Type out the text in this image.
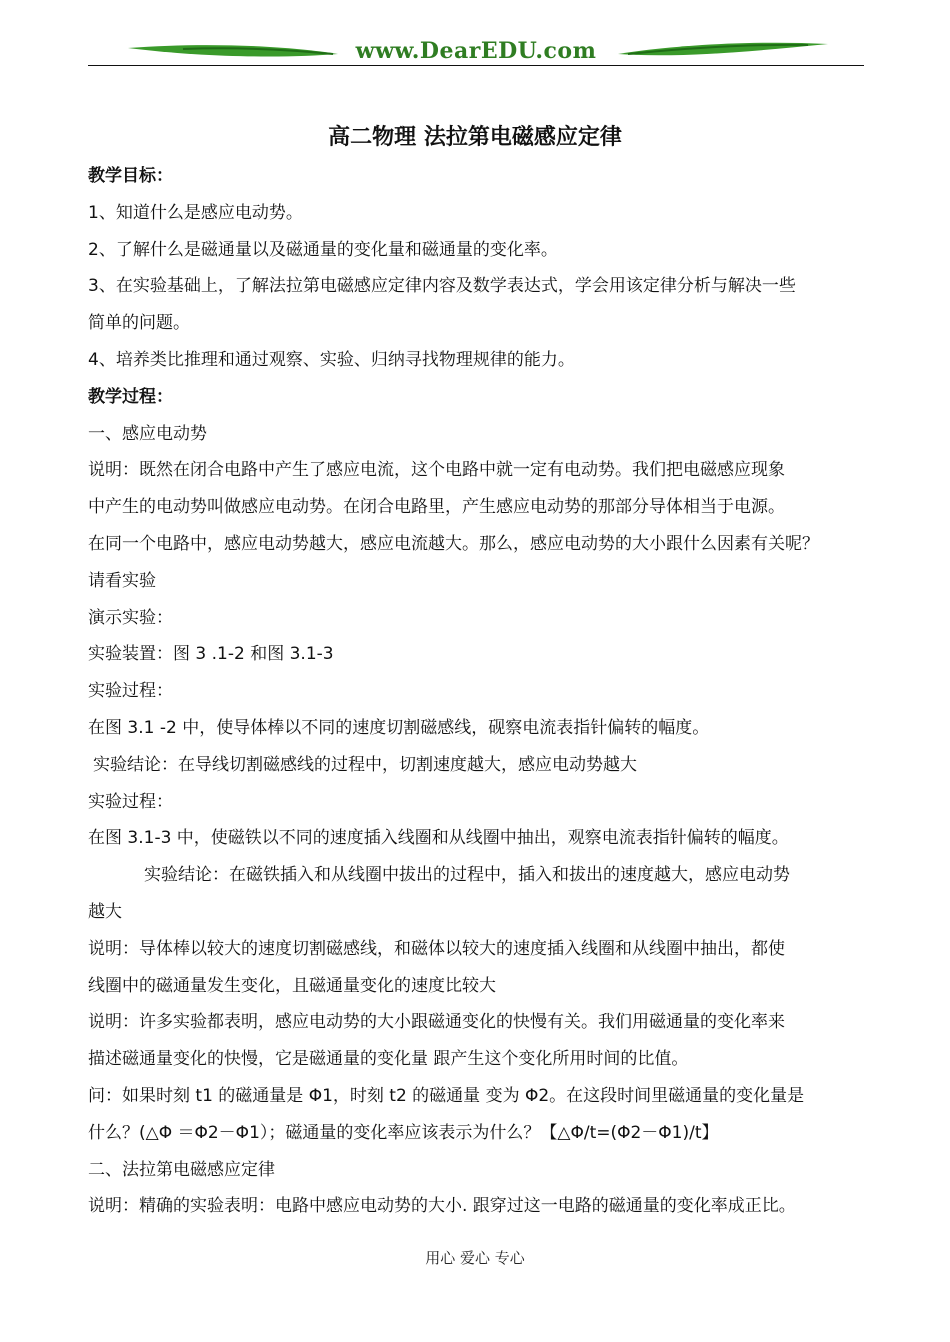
www.DearEDU.com
高二物理 法拉第电磁感应定律
教学目标：
1、知道什么是感应电动势。
2、了解什么是磁通量以及磁通量的变化量和磁通量的变化率。
3、在实验基础上，了解法拉第电磁感应定律内容及数学表达式，学会用该定律分析与解决一些
简单的问题。
4、培养类比推理和通过观察、实验、归纳寻找物理规律的能力。
教学过程：
一、感应电动势
说明：既然在闭合电路中产生了感应电流，这个电路中就一定有电动势。我们把电磁感应现象
中产生的电动势叫做感应电动势。在闭合电路里，产生感应电动势的那部分导体相当于电源。
在同一个电路中，感应电动势越大，感应电流越大。那么，感应电动势的大小跟什么因素有关呢？
请看实验
演示实验：
实验装置：图 3 .1-2 和图 3.1-3
实验过程：
在图 3.1 -2 中，使导体棒以不同的速度切割磁感线，砚察电流表指针偏转的幅度。
实验结论：在导线切割磁感线的过程中，切割速度越大，感应电动势越大
实验过程：
在图 3.1-3 中，使磁铁以不同的速度插入线圈和从线圈中抽出，观察电流表指针偏转的幅度。
实验结论：在磁铁插入和从线圈中拔出的过程中，插入和拔出的速度越大，感应电动势
越大
说明：导体棒以较大的速度切割磁感线，和磁体以较大的速度插入线圈和从线圈中抽出，都使
线圈中的磁通量发生变化，且磁通量变化的速度比较大
说明：许多实验都表明，感应电动势的大小跟磁通变化的快慢有关。我们用磁通量的变化率来
描述磁通量变化的快慢，它是磁通量的变化量 跟产生这个变化所用时间的比值。
问：如果时刻 t1 的磁通量是 Φ1，时刻 t2 的磁通量 变为 Φ2。在这段时间里磁通量的变化量是
什么？(△Φ ＝Φ2－Φ1）；磁通量的变化率应该表示为什么？【△Φ/t=(Φ2－Φ1)/t】
二、法拉第电磁感应定律
说明：精确的实验表明：电路中感应电动势的大小. 跟穿过这一电路的磁通量的变化率成正比。
用心 爱心 专心
